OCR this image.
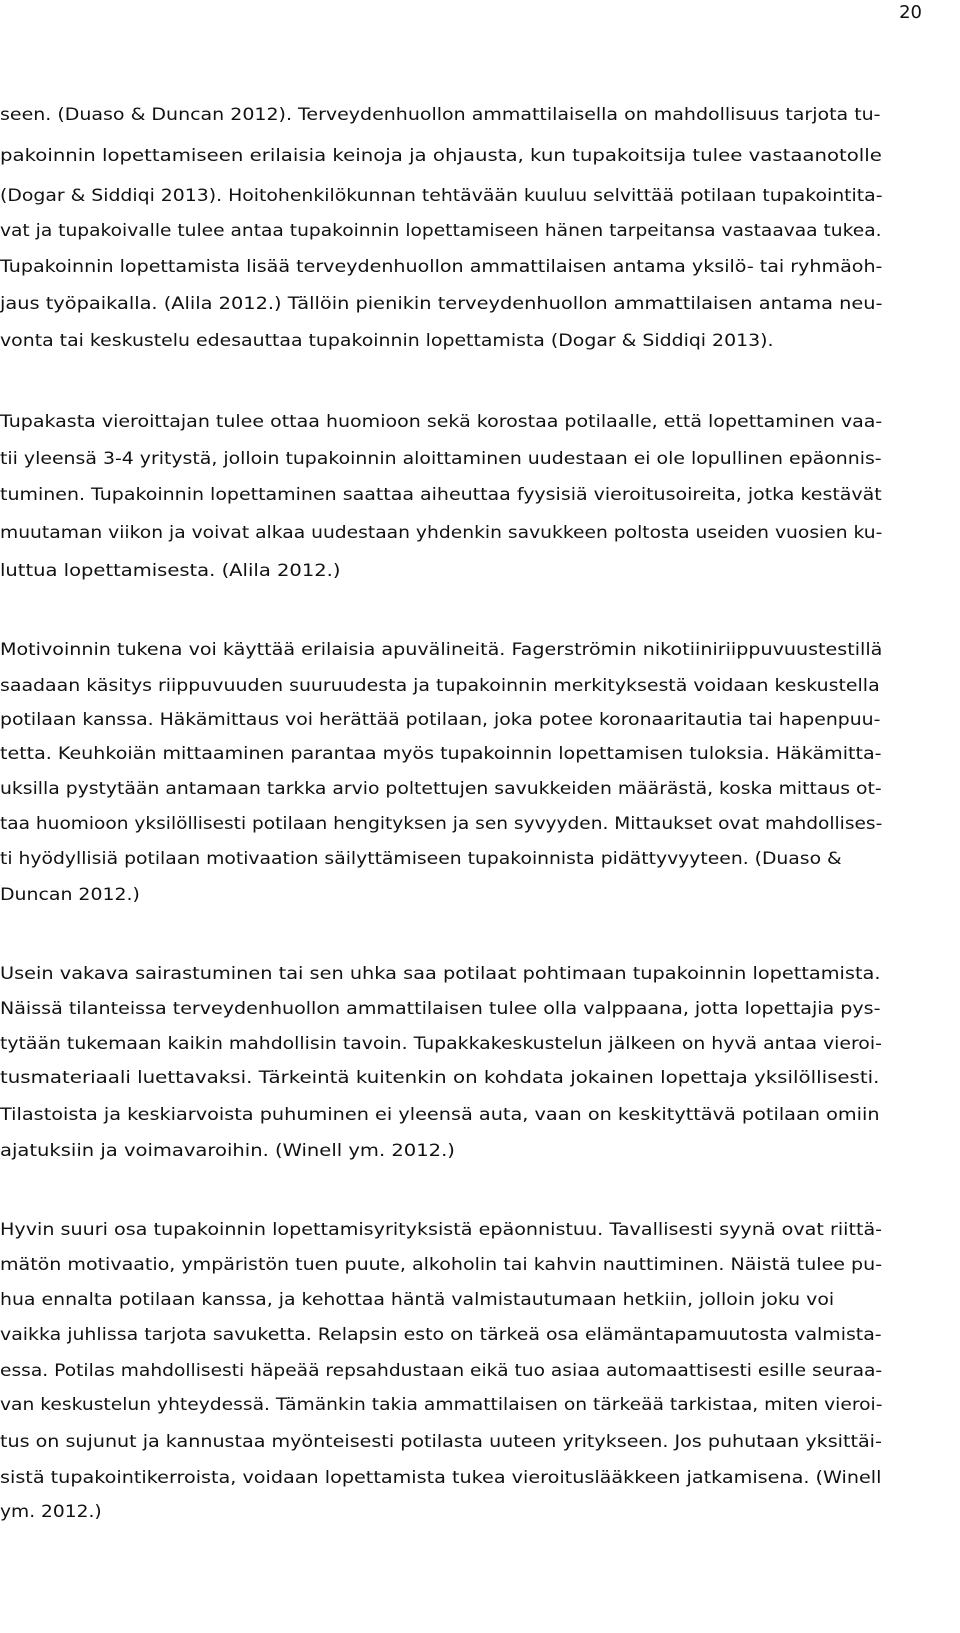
20
seen. (Duaso & Duncan 2012). Terveydenhuollon ammattilaisella on mahdollisuus tarjota tu-
pakoinnin lopettamiseen erilaisia keinoja ja ohjausta, kun tupakoitsija tulee vastaanotolle
(Dogar & Siddiqi 2013). Hoitohenkilökunnan tehtävään kuuluu selvittää potilaan tupakointita-
vat ja tupakoivalle tulee antaa tupakoinnin lopettamiseen hänen tarpeitansa vastaavaa tukea.
Tupakoinnin lopettamista lisää terveydenhuollon ammattilaisen antama yksilö- tai ryhmäoh-
jaus työpaikalla. (Alila 2012.) Tällöin pienikin terveydenhuollon ammattilaisen antama neu-
vonta tai keskustelu edesauttaa tupakoinnin lopettamista (Dogar & Siddiqi 2013).
Tupakasta vieroittajan tulee ottaa huomioon sekä korostaa potilaalle, että lopettaminen vaa-
tii yleensä 3-4 yritystä, jolloin tupakoinnin aloittaminen uudestaan ei ole lopullinen epäonnis-
tuminen. Tupakoinnin lopettaminen saattaa aiheuttaa fyysisiä vieroitusoireita, jotka kestävät
muutaman viikon ja voivat alkaa uudestaan yhdenkin savukkeen poltosta useiden vuosien ku-
luttua lopettamisesta. (Alila 2012.)
Motivoinnin tukena voi käyttää erilaisia apuvälineitä. Fagerströmin nikotiiniriippuvuustestillä
saadaan käsitys riippuvuuden suuruudesta ja tupakoinnin merkityksestä voidaan keskustella
potilaan kanssa. Häkämittaus voi herättää potilaan, joka potee koronaaritautia tai hapenpuu-
tetta. Keuhkoiän mittaaminen parantaa myös tupakoinnin lopettamisen tuloksia. Häkämitta-
uksilla pystytään antamaan tarkka arvio poltettujen savukkeiden määrästä, koska mittaus ot-
taa huomioon yksilöllisesti potilaan hengityksen ja sen syvyyden. Mittaukset ovat mahdollises-
ti hyödyllisiä potilaan motivaation säilyttämiseen tupakoinnista pidättyvyyteen. (Duaso &
Duncan 2012.)
Usein vakava sairastuminen tai sen uhka saa potilaat pohtimaan tupakoinnin lopettamista.
Näissä tilanteissa terveydenhuollon ammattilaisen tulee olla valppaana, jotta lopettajia pys-
tytään tukemaan kaikin mahdollisin tavoin. Tupakkakeskustelun jälkeen on hyvä antaa vieroi-
tusmateriaali luettavaksi. Tärkeintä kuitenkin on kohdata jokainen lopettaja yksilöllisesti.
Tilastoista ja keskiarvoista puhuminen ei yleensä auta, vaan on keskityttävä potilaan omiin
ajatuksiin ja voimavaroihin. (Winell ym. 2012.)
Hyvin suuri osa tupakoinnin lopettamisyrityksistä epäonnistuu. Tavallisesti syynä ovat riittä-
mätön motivaatio, ympäristön tuen puute, alkoholin tai kahvin nauttiminen. Näistä tulee pu-
hua ennalta potilaan kanssa, ja kehottaa häntä valmistautumaan hetkiin, jolloin joku voi
vaikka juhlissa tarjota savuketta. Relapsin esto on tärkeä osa elämäntapamuutosta valmista-
essa. Potilas mahdollisesti häpeää repsahdustaan eikä tuo asiaa automaattisesti esille seuraa-
van keskustelun yhteydessä. Tämänkin takia ammattilaisen on tärkeää tarkistaa, miten vieroi-
tus on sujunut ja kannustaa myönteisesti potilasta uuteen yritykseen. Jos puhutaan yksittäi-
sistä tupakointikerroista, voidaan lopettamista tukea vieroituslääkkeen jatkamisena. (Winell
ym. 2012.)
